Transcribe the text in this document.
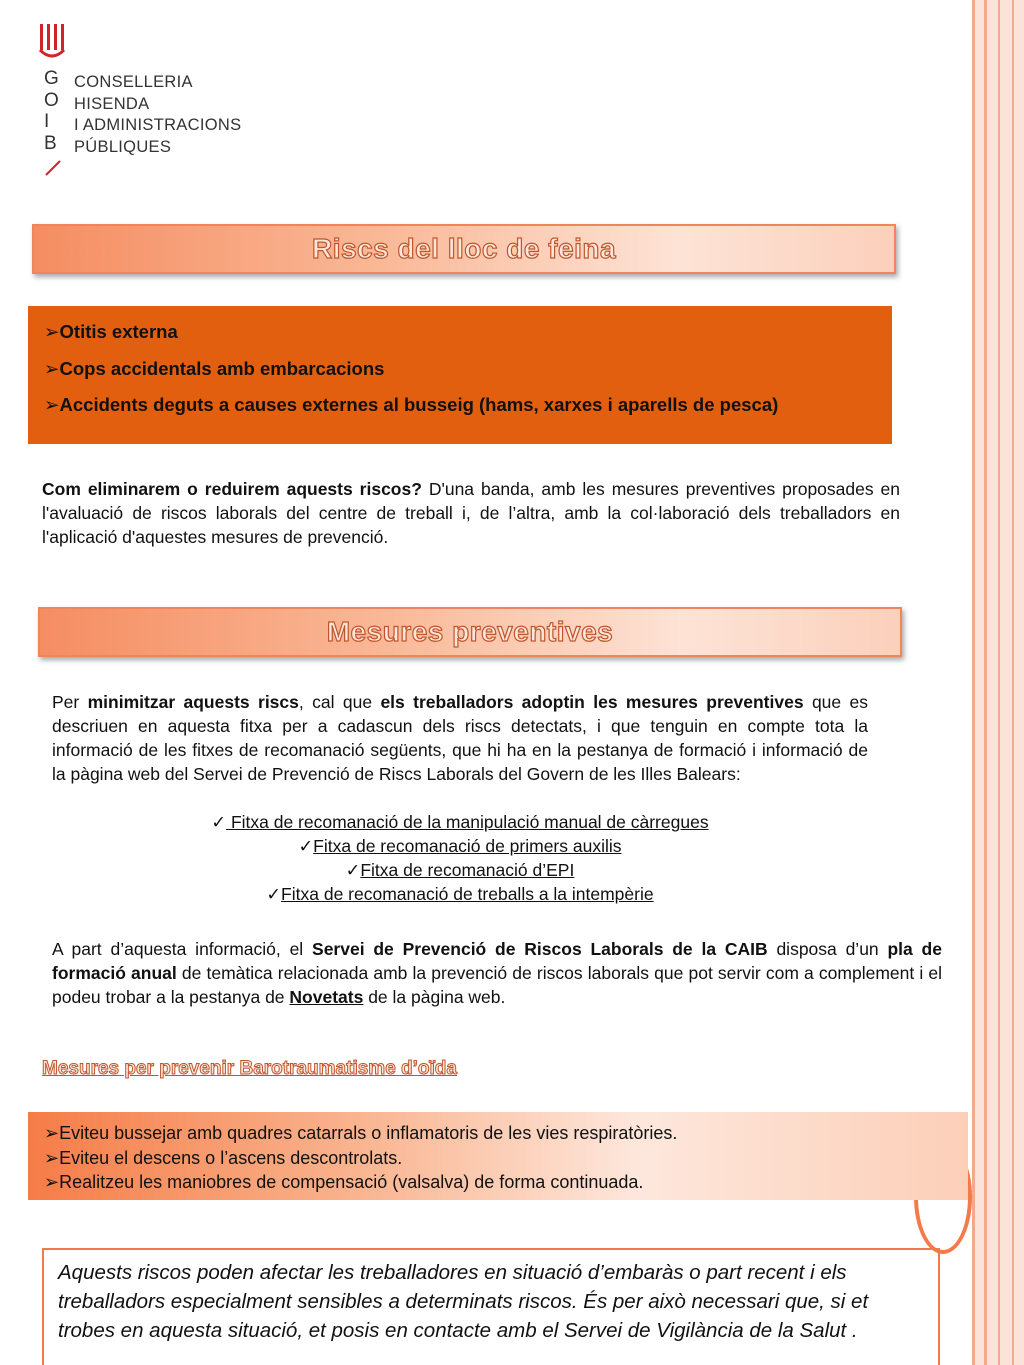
G
O
I
B
CONSELLERIA
HISENDA
I ADMINISTRACIONS
PÚBLIQUES
Riscs del lloc de feina
➢Otitis externa
➢Cops accidentals amb embarcacions
➢Accidents deguts a causes externes al busseig (hams, xarxes i aparells de pesca)
Com eliminarem o reduirem aquests riscos? D'una banda, amb les mesures preventives proposades en l'avaluació de riscos laborals del centre de treball i, de l’altra, amb la col·laboració dels treballadors en l'aplicació d'aquestes mesures de prevenció.
Mesures preventives
Per minimitzar aquests riscs, cal que els treballadors adoptin les mesures preventives que es descriuen en aquesta fitxa per a cadascun dels riscs detectats, i que tenguin en compte tota la informació de les fitxes de recomanació següents, que hi ha en la pestanya de formació i informació de la pàgina web del Servei de Prevenció de Riscs Laborals del Govern de les Illes Balears:
✓ Fitxa de recomanació de la manipulació manual de càrregues
✓Fitxa de recomanació de primers auxilis
✓Fitxa de recomanació d’EPI
✓Fitxa de recomanació de treballs a la intempèrie
A part d’aquesta informació, el Servei de Prevenció de Riscos Laborals de la CAIB disposa d’un pla de formació anual de temàtica relacionada amb la prevenció de riscos laborals que pot servir com a complement i el podeu trobar a la pestanya de Novetats de la pàgina web.
Mesures per prevenir Barotraumatisme d’oïda
➢Eviteu bussejar amb quadres catarrals o inflamatoris de les vies respiratòries.
➢Eviteu el descens o l’ascens descontrolats.
➢Realitzeu les maniobres de compensació (valsalva) de forma continuada.
Aquests riscos poden afectar les treballadores en situació d’embaràs o part recent i els treballadors especialment sensibles a determinats riscos. És per això necessari que, si et trobes en aquesta situació, et posis en contacte amb el Servei de Vigilància de la Salut .
